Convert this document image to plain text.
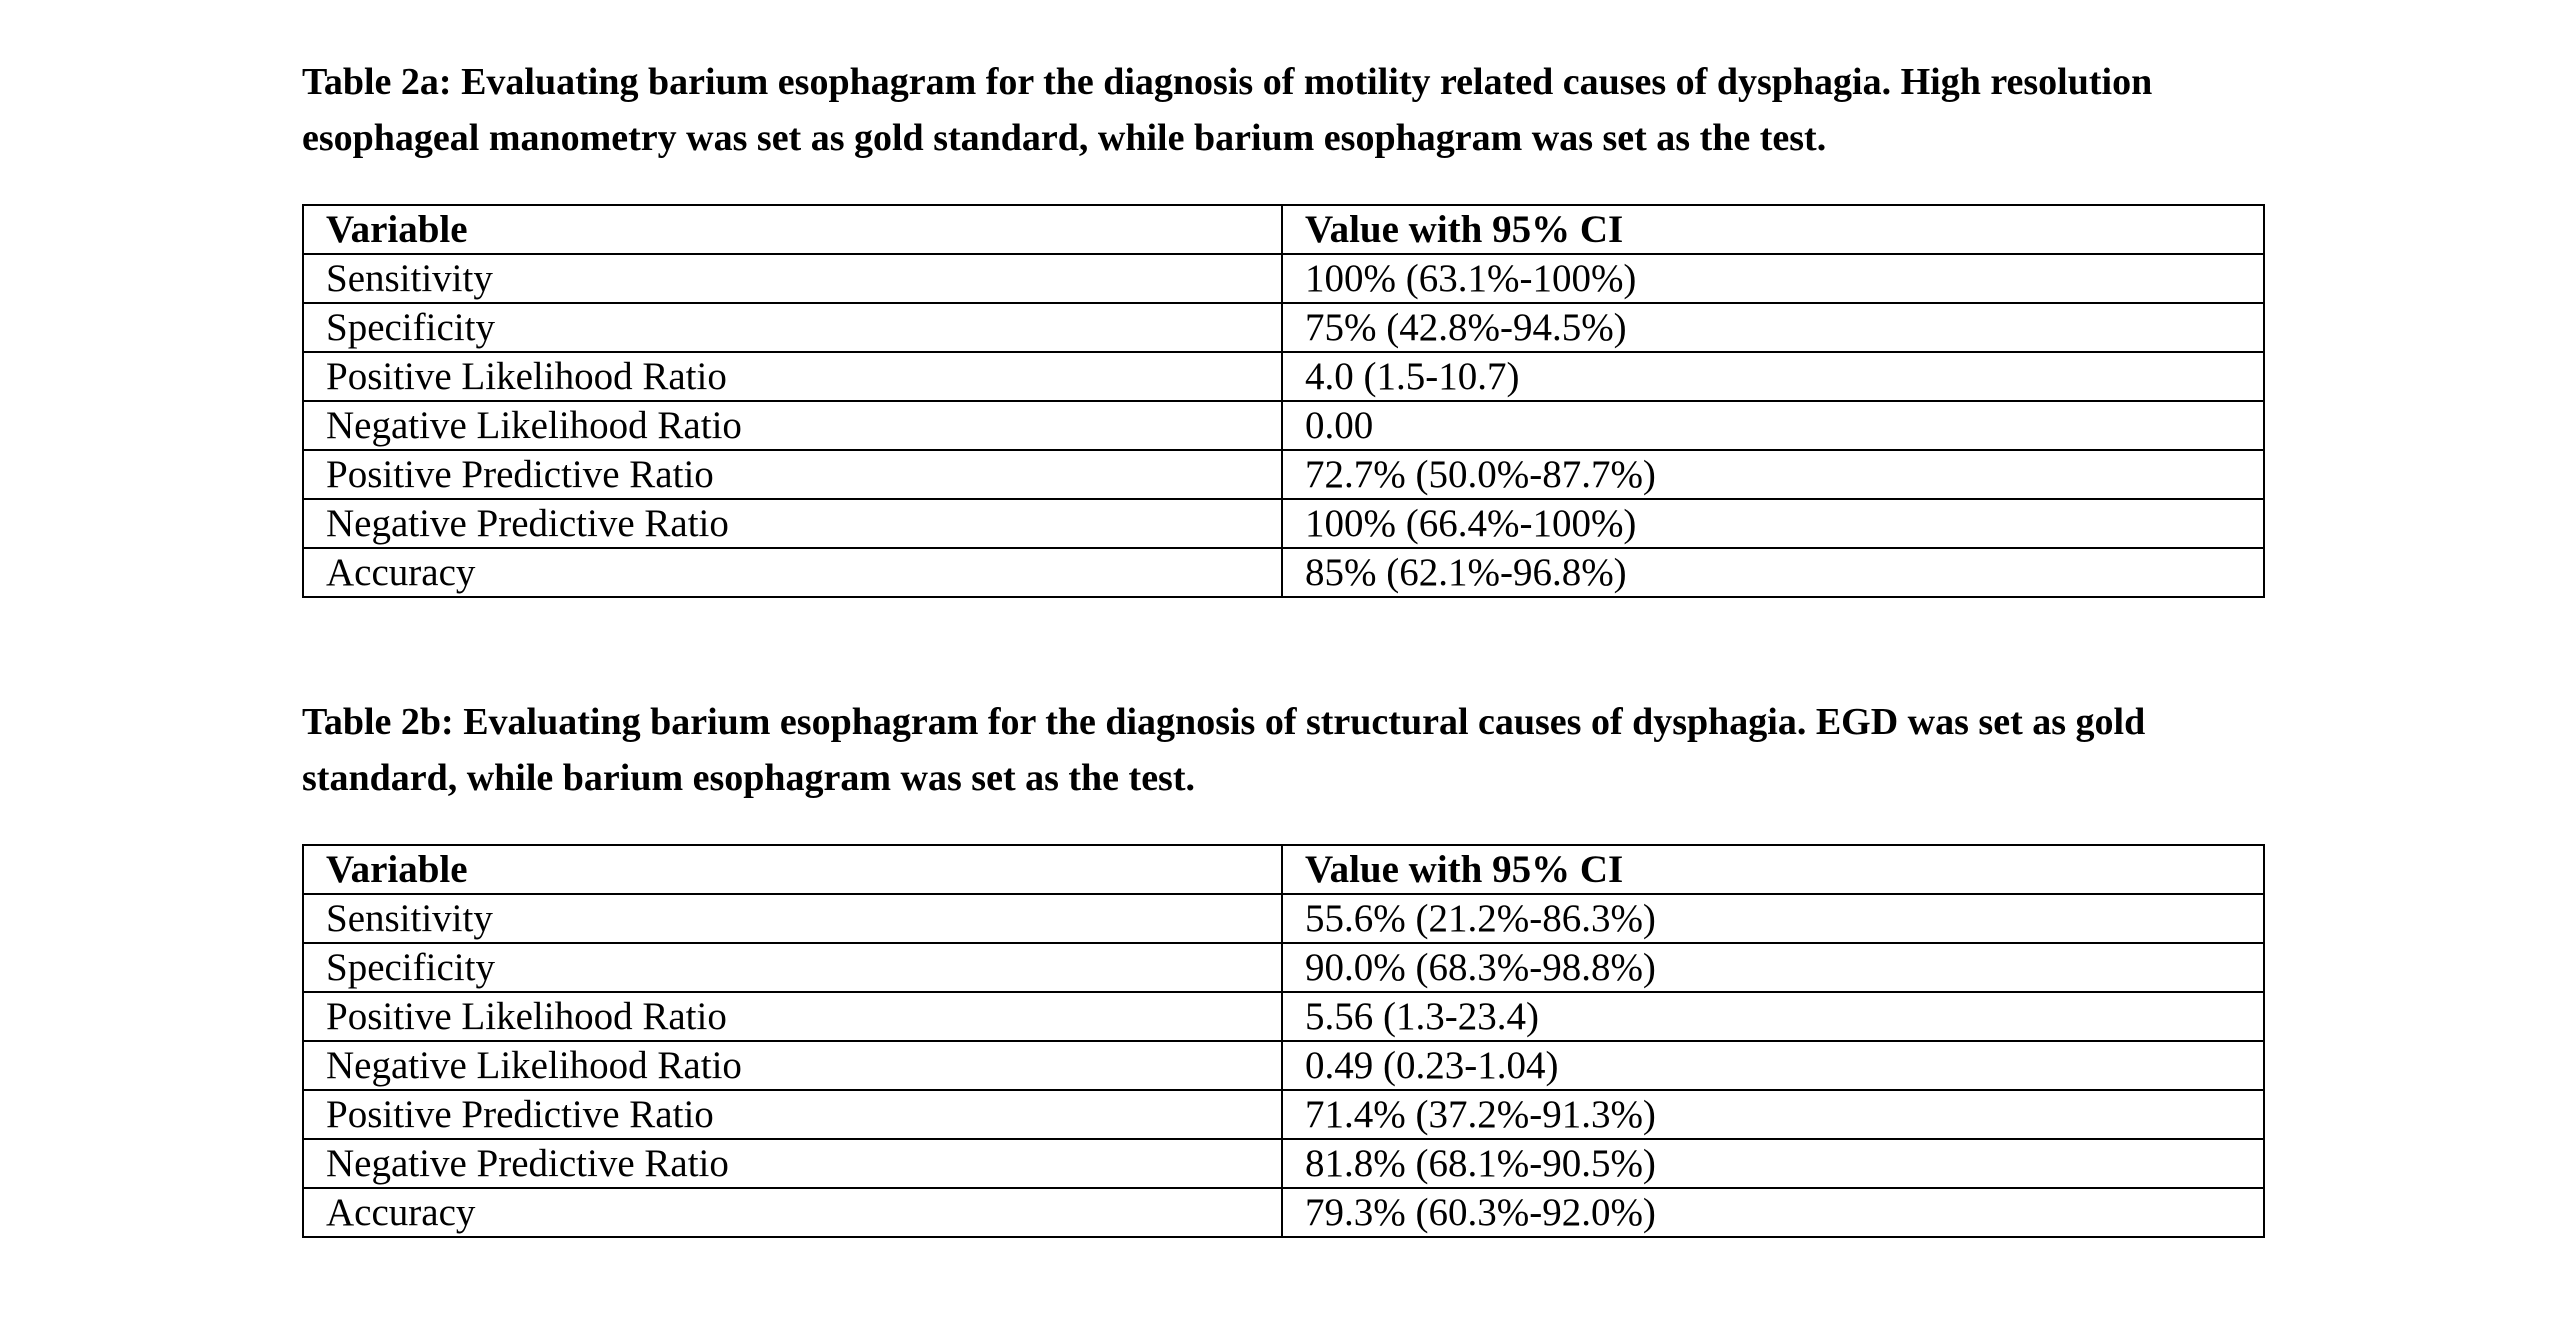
Table 2a: Evaluating barium esophagram for the diagnosis of motility related causes of dysphagia. High resolution esophageal manometry was set as gold standard, while barium esophagram was set as the test.

Variable	Value with 95% CI
Sensitivity	100% (63.1%-100%)
Specificity	75% (42.8%-94.5%)
Positive Likelihood Ratio	4.0 (1.5-10.7)
Negative Likelihood Ratio	0.00
Positive Predictive Ratio	72.7% (50.0%-87.7%)
Negative Predictive Ratio	100% (66.4%-100%)
Accuracy	85% (62.1%-96.8%)

Table 2b: Evaluating barium esophagram for the diagnosis of structural causes of dysphagia. EGD was set as gold standard, while barium esophagram was set as the test.

Variable	Value with 95% CI
Sensitivity	55.6% (21.2%-86.3%)
Specificity	90.0% (68.3%-98.8%)
Positive Likelihood Ratio	5.56 (1.3-23.4)
Negative Likelihood Ratio	0.49 (0.23-1.04)
Positive Predictive Ratio	71.4% (37.2%-91.3%)
Negative Predictive Ratio	81.8% (68.1%-90.5%)
Accuracy	79.3% (60.3%-92.0%)
